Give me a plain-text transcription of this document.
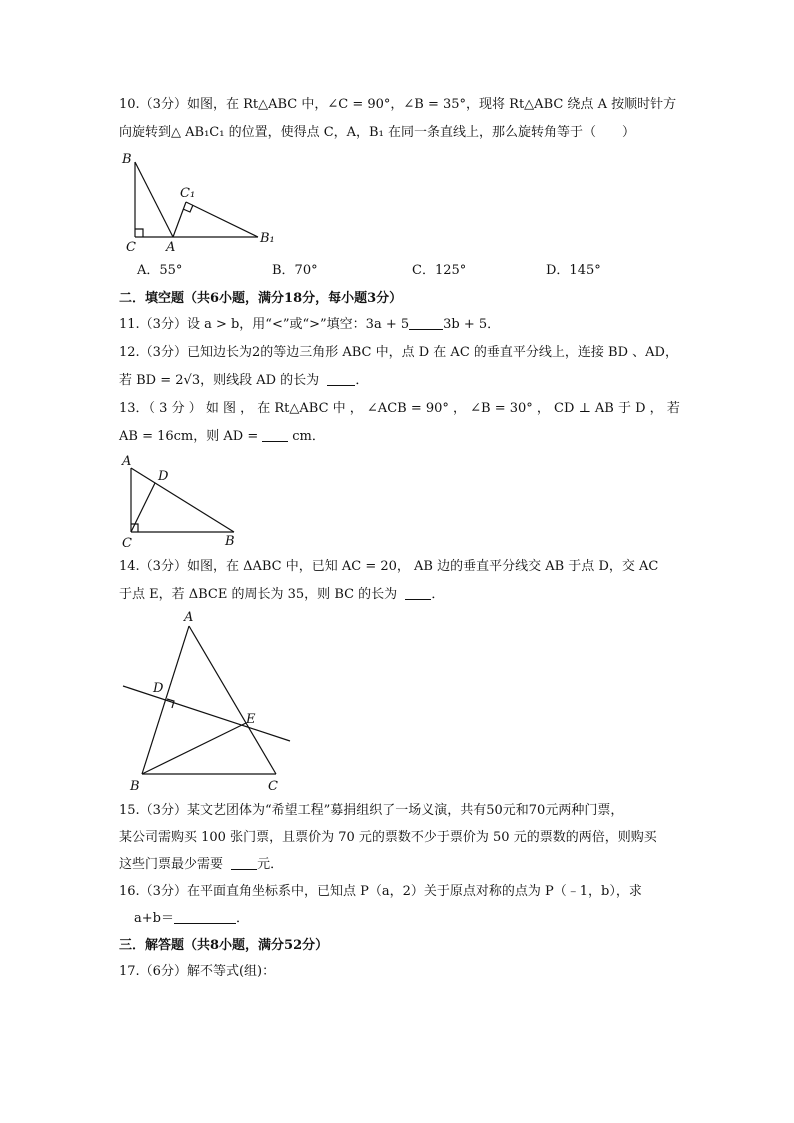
10.（3分）如图，在 Rt△ABC 中，∠C = 90°，∠B = 35°，现将 Rt△ABC 绕点 A 按顺时针方
向旋转到△ AB₁C₁ 的位置，使得点 C，A，B₁ 在同一条直线上，那么旋转角等于（　　）
B
C A
C₁
B₁
A．55°	B．70°	C．125°	D．145°
二．填空题（共6小题，满分18分，每小题3分）
11.（3分）设 a > b，用“<”或“>”填空：3a + 5	3b + 5．
12.（3分）已知边长为2的等边三角形 ABC 中，点 D 在 AC 的垂直平分线上，连接 BD 、AD，
若 BD = 2√3，则线段 AD 的长为	．
13．（ 3 分 ） 如 图 ， 在 Rt△ABC 中 ， ∠ACB = 90° ， ∠B = 30° ， CD ⊥ AB 于 D ， 若
AB = 16cm，则 AD =	cm．
A
D
C	B
14.（3分）如图，在 ΔABC 中，已知 AC = 20， AB 边的垂直平分线交 AB 于点 D，交 AC
于点 E，若 ΔBCE 的周长为 35，则 BC 的长为	．
A
D
E
B	C
15.（3分）某文艺团体为“希望工程”募捐组织了一场义演，共有50元和70元两种门票，
某公司需购买 100 张门票，且票价为 70 元的票数不少于票价为 50 元的票数的两倍，则购买
这些门票最少需要	元．
16.（3分）在平面直角坐标系中，已知点 P（a，2）关于原点对称的点为 P（﹣1，b），求
a+b＝	．
三．解答题（共8小题，满分52分）
17.（6分）解不等式(组)：
